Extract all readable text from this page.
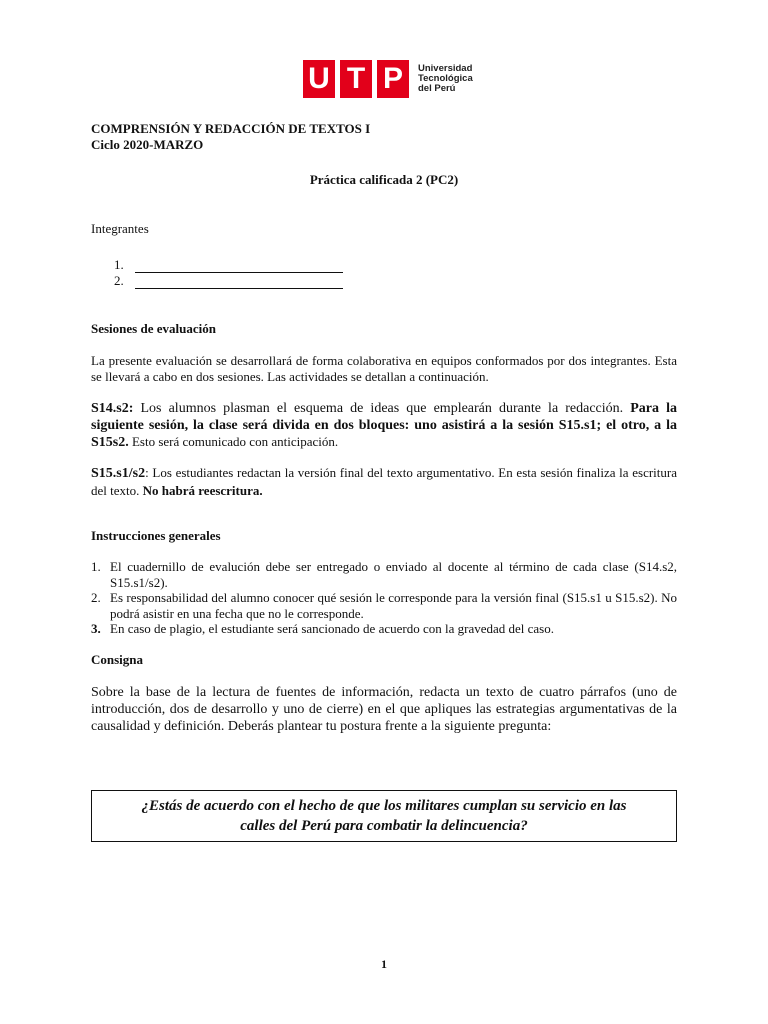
U T P	Universidad
Tecnológica
del Perú
COMPRENSIÓN Y REDACCIÓN DE TEXTOS I
Ciclo 2020-MARZO
Práctica calificada 2 (PC2)
Integrantes
1.
2.
Sesiones de evaluación
La presente evaluación se desarrollará de forma colaborativa en equipos conformados por dos integrantes. Esta se llevará a cabo en dos sesiones. Las actividades se detallan a continuación.
S14.s2: Los alumnos plasman el esquema de ideas que emplearán durante la redacción. Para la siguiente sesión, la clase será divida en dos bloques: uno asistirá a la sesión S15.s1; el otro, a la S15s2. Esto será comunicado con anticipación.
S15.s1/s2: Los estudiantes redactan la versión final del texto argumentativo. En esta sesión finaliza la escritura del texto. No habrá reescritura.
Instrucciones generales
1. El cuadernillo de evalución debe ser entregado o enviado al docente al término de cada clase (S14.s2, S15.s1/s2).
2. Es responsabilidad del alumno conocer qué sesión le corresponde para la versión final (S15.s1 u S15.s2). No podrá asistir en una fecha que no le corresponde.
3. En caso de plagio, el estudiante será sancionado de acuerdo con la gravedad del caso.
Consigna
Sobre la base de la lectura de fuentes de información, redacta un texto de cuatro párrafos (uno de introducción, dos de desarrollo y uno de cierre) en el que apliques las estrategias argumentativas de la causalidad y definición. Deberás plantear tu postura frente a la siguiente pregunta:
¿Estás de acuerdo con el hecho de que los militares cumplan su servicio en las
calles del Perú para combatir la delincuencia?
1
